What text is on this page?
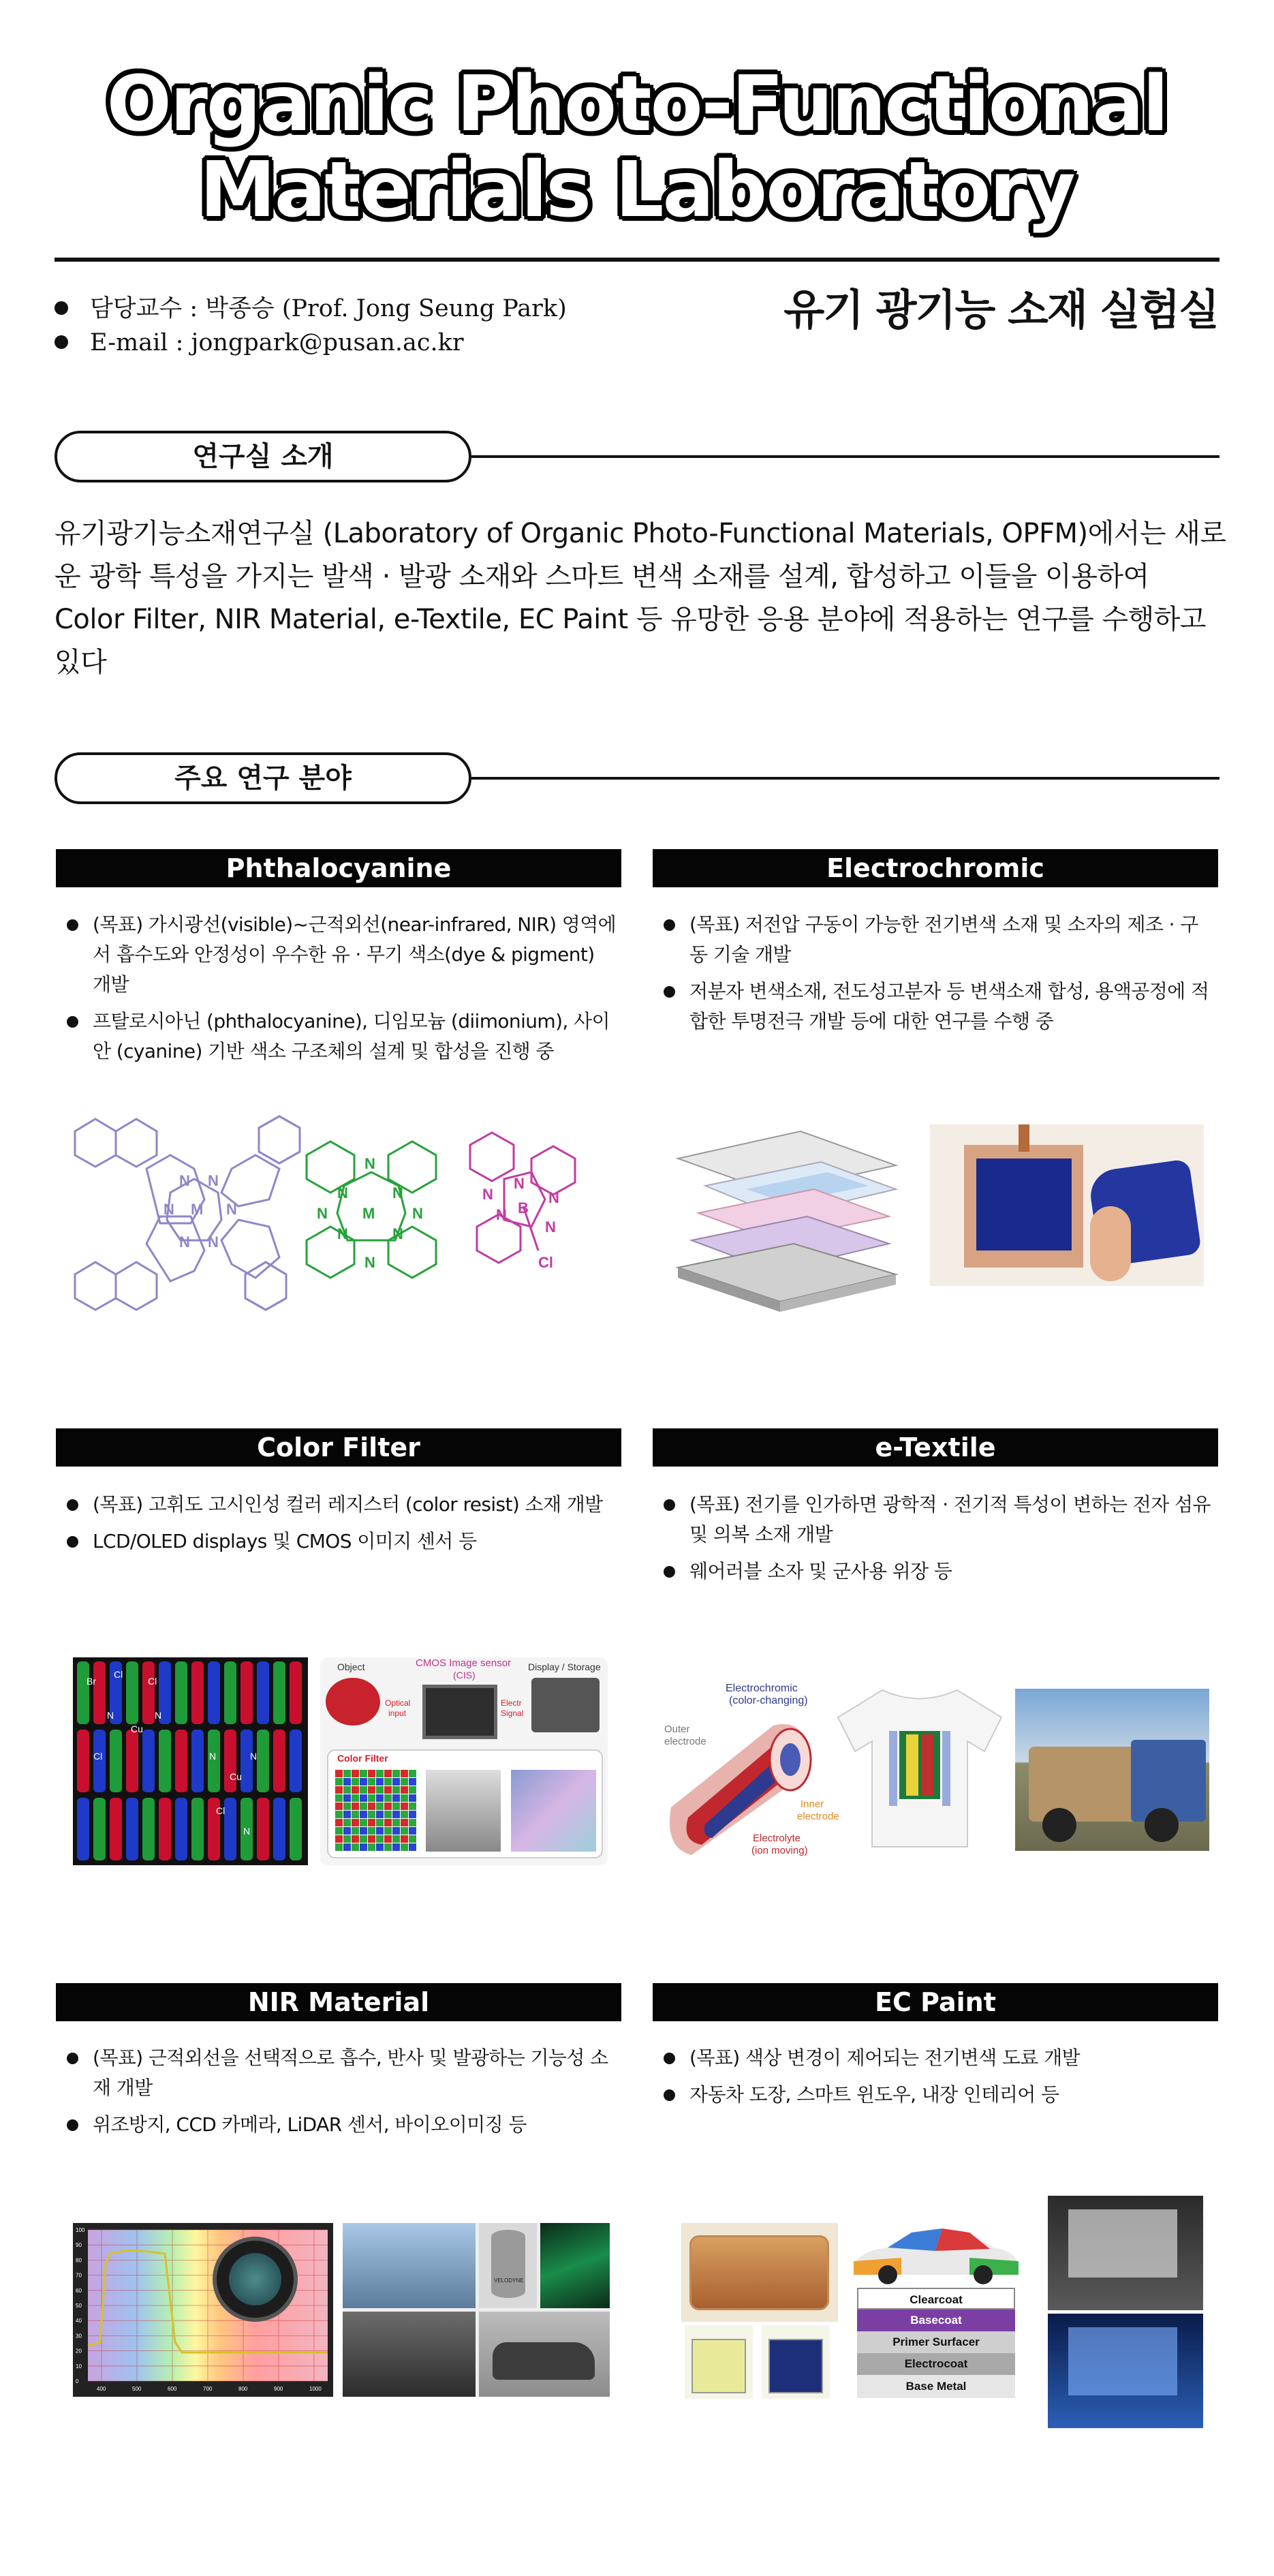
Organic Photo-Functional
Materials Laboratory
담당교수 : 박종승 (Prof. Jong Seung Park)
E-mail : jongpark@pusan.ac.kr
유기 광기능 소재 실험실
연구실 소개
유기광기능소재연구실 (Laboratory of Organic Photo-Functional Materials, OPFM)에서는 새로운 광학 특성을 가지는 발색 · 발광 소재와 스마트 변색 소재를 설계, 합성하고 이들을 이용하여 Color Filter, NIR Material, e-Textile, EC Paint 등 유망한 응용 분야에 적용하는 연구를 수행하고 있다
주요 연구 분야
Phthalocyanine	Electrochromic
Color Filter	e-Textile
NIR Material	EC Paint
(목표) 가시광선(visible)~근적외선(near-infrared, NIR) 영역에서 흡수도와 안정성이 우수한 유 · 무기 색소(dye & pigment) 개발
프탈로시아닌 (phthalocyanine), 디임모늄 (diimonium), 사이안 (cyanine) 기반 색소 구조체의 설계 및 합성을 진행 중
(목표) 저전압 구동이 가능한 전기변색 소재 및 소자의 제조 · 구동 기술 개발
저분자 변색소재, 전도성고분자 등 변색소재 합성, 용액공정에 적합한 투명전극 개발 등에 대한 연구를 수행 중
(목표) 고휘도 고시인성 컬러 레지스터 (color resist) 소재 개발
LCD/OLED displays 및 CMOS 이미지 센서 등
(목표) 전기를 인가하면 광학적 · 전기적 특성이 변하는 전자 섬유 및 의복 소재 개발
웨어러블 소자 및 군사용 위장 등
(목표) 근적외선을 선택적으로 흡수, 반사 및 발광하는 기능성 소재 개발
위조방지, CCD 카메라, LiDAR 센서, 바이오이미징 등
(목표) 색상 변경이 제어되는 전기변색 도료 개발
자동차 도장, 스마트 윈도우, 내장 인테리어 등
N N
N	N
M
N N
N
N	N
N	N
M
N	N
N
N
N
N
B
N
N
Cl
Br
Cl
Cl
N
Cu
N
Cl	N
Cu
N
Cl
N
Object	CMOS Image sensor
(CIS)
Display / Storage
Optical
input
Electr
Signal
Color Filter
Electrochromic
(color-changing)
Outer
electrode
Inner
electrode
Electrolyte
(ion moving)
100
90
80
70
60
50
40
30
20
10
0
400	500	600	700	800	900	1000
VELODYNE
Clearcoat
Basecoat
Primer Surfacer
Electrocoat
Base Metal
